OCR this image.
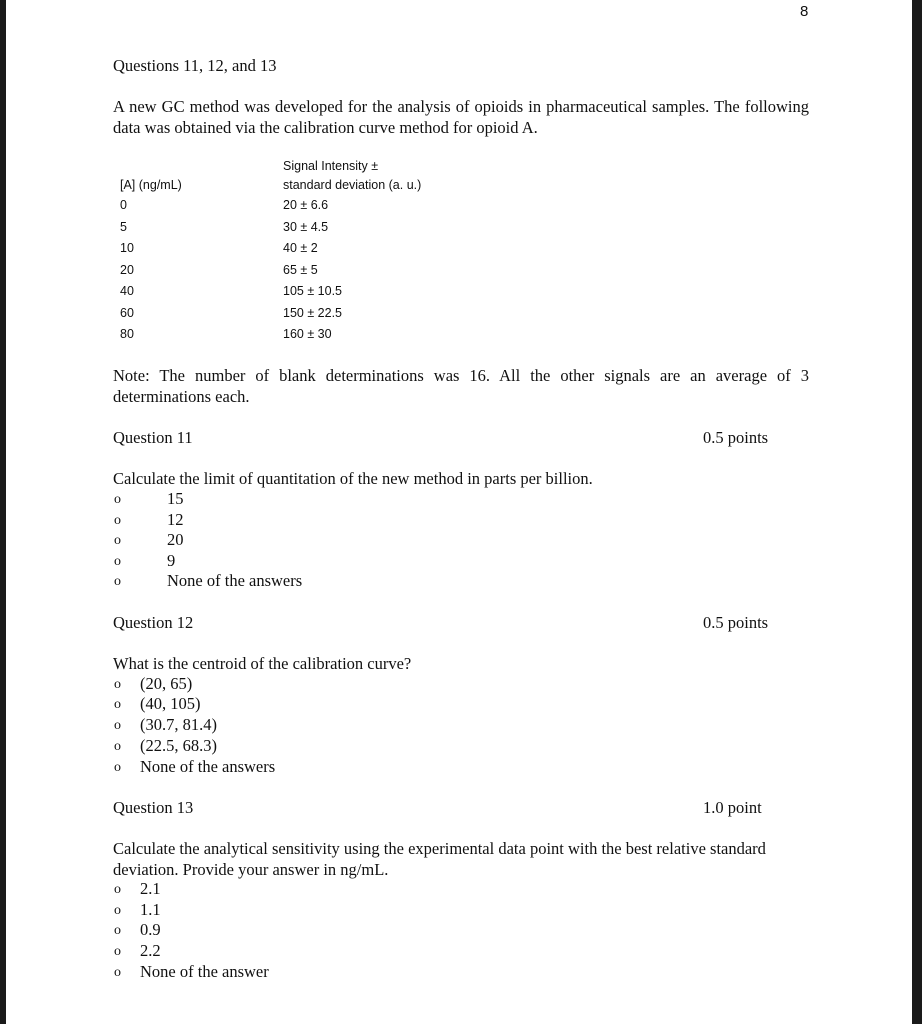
8
Questions 11, 12, and 13
A new GC method was developed for the analysis of opioids in pharmaceutical samples. The following data was obtained via the calibration curve method for opioid A.
Signal Intensity ±
[A] (ng/mL)	standard deviation (a. u.)
0	20 ± 6.6
5	30 ± 4.5
10	40 ± 2
20	65 ± 5
40	105 ± 10.5
60	150 ± 22.5
80	160 ± 30
Note: The number of blank determinations was 16. All the other signals are an average of 3 determinations each.
Question 11	0.5 points
Calculate the limit of quantitation of the new method in parts per billion.
o	15
o	12
o	20
o	9
o	None of the answers
Question 12	0.5 points
What is the centroid of the calibration curve?
o (20, 65)
o (40, 105)
o (30.7, 81.4)
o (22.5, 68.3)
o None of the answers
Question 13	1.0 point
Calculate the analytical sensitivity using the experimental data point with the best relative standard deviation. Provide your answer in ng/mL.
o 2.1
o 1.1
o 0.9
o 2.2
o None of the answer
